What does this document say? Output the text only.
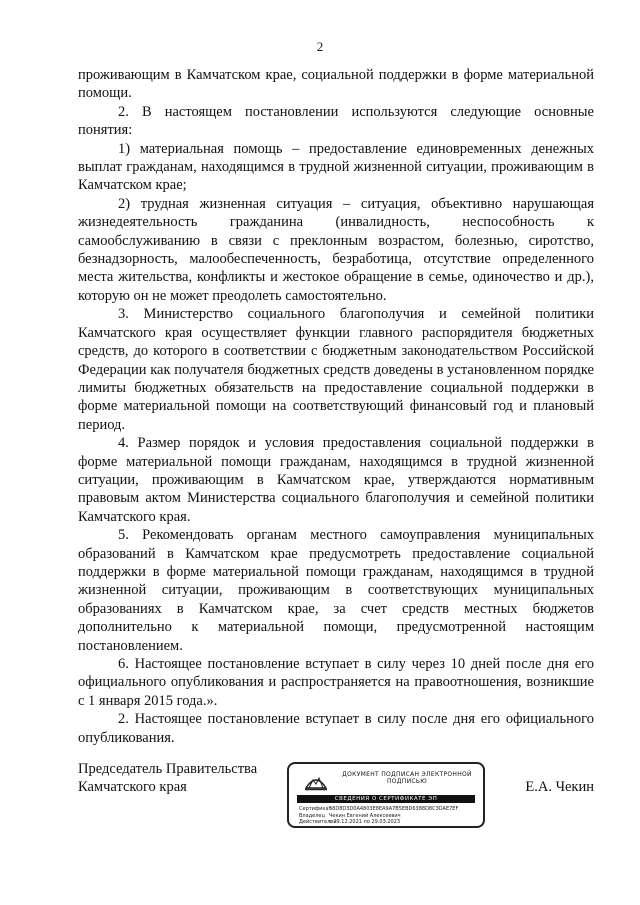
2

проживающим в Камчатском крае, социальной поддержки в форме материальной помощи.

2. В настоящем постановлении используются следующие основные понятия:

1) материальная помощь – предоставление единовременных денежных выплат гражданам, находящимся в трудной жизненной ситуации, проживающим в Камчатском крае;

2) трудная жизненная ситуация – ситуация, объективно нарушающая жизнедеятельность гражданина (инвалидность, неспособность к самообслуживанию в связи с преклонным возрастом, болезнью, сиротство, безнадзорность, малообеспеченность, безработица, отсутствие определенного места жительства, конфликты и жестокое обращение в семье, одиночество и др.), которую он не может преодолеть самостоятельно.

3. Министерство социального благополучия и семейной политики Камчатского края осуществляет функции главного распорядителя бюджетных средств, до которого в соответствии с бюджетным законодательством Российской Федерации как получателя бюджетных средств доведены в установленном порядке лимиты бюджетных обязательств на предоставление социальной поддержки в форме материальной помощи на соответствующий финансовый год и плановый период.

4. Размер порядок и условия предоставления социальной поддержки в форме материальной помощи гражданам, находящимся в трудной жизненной ситуации, проживающим в Камчатском крае, утверждаются нормативным правовым актом Министерства социального благополучия и семейной политики Камчатского края.

5. Рекомендовать органам местного самоуправления муниципальных образований в Камчатском крае предусмотреть предоставление социальной поддержки в форме материальной помощи гражданам, находящимся в трудной жизненной ситуации, проживающим в соответствующих муниципальных образованиях в Камчатском крае, за счет средств местных бюджетов дополнительно к материальной помощи, предусмотренной настоящим постановлением.

6. Настоящее постановление вступает в силу через 10 дней после дня его официального опубликования и распространяется на правоотношения, возникшие с 1 января 2015 года.».

2. Настоящее постановление вступает в силу после дня его официального опубликования.

Председатель Правительства
Камчатского края
ДОКУМЕНТ ПОДПИСАН ЭЛЕКТРОННОЙ ПОДПИСЬЮ
СВЕДЕНИЯ О СЕРТИФИКАТЕ ЭП
Сертификат
58D8D3D0A4803E8EA9A7B5EBD6388D8C3DAE7EF
Владелец Чекин Евгений Алексеевич
Действителен
с 29.12.2021 по 29.03.2023
Е.А. Чекин
